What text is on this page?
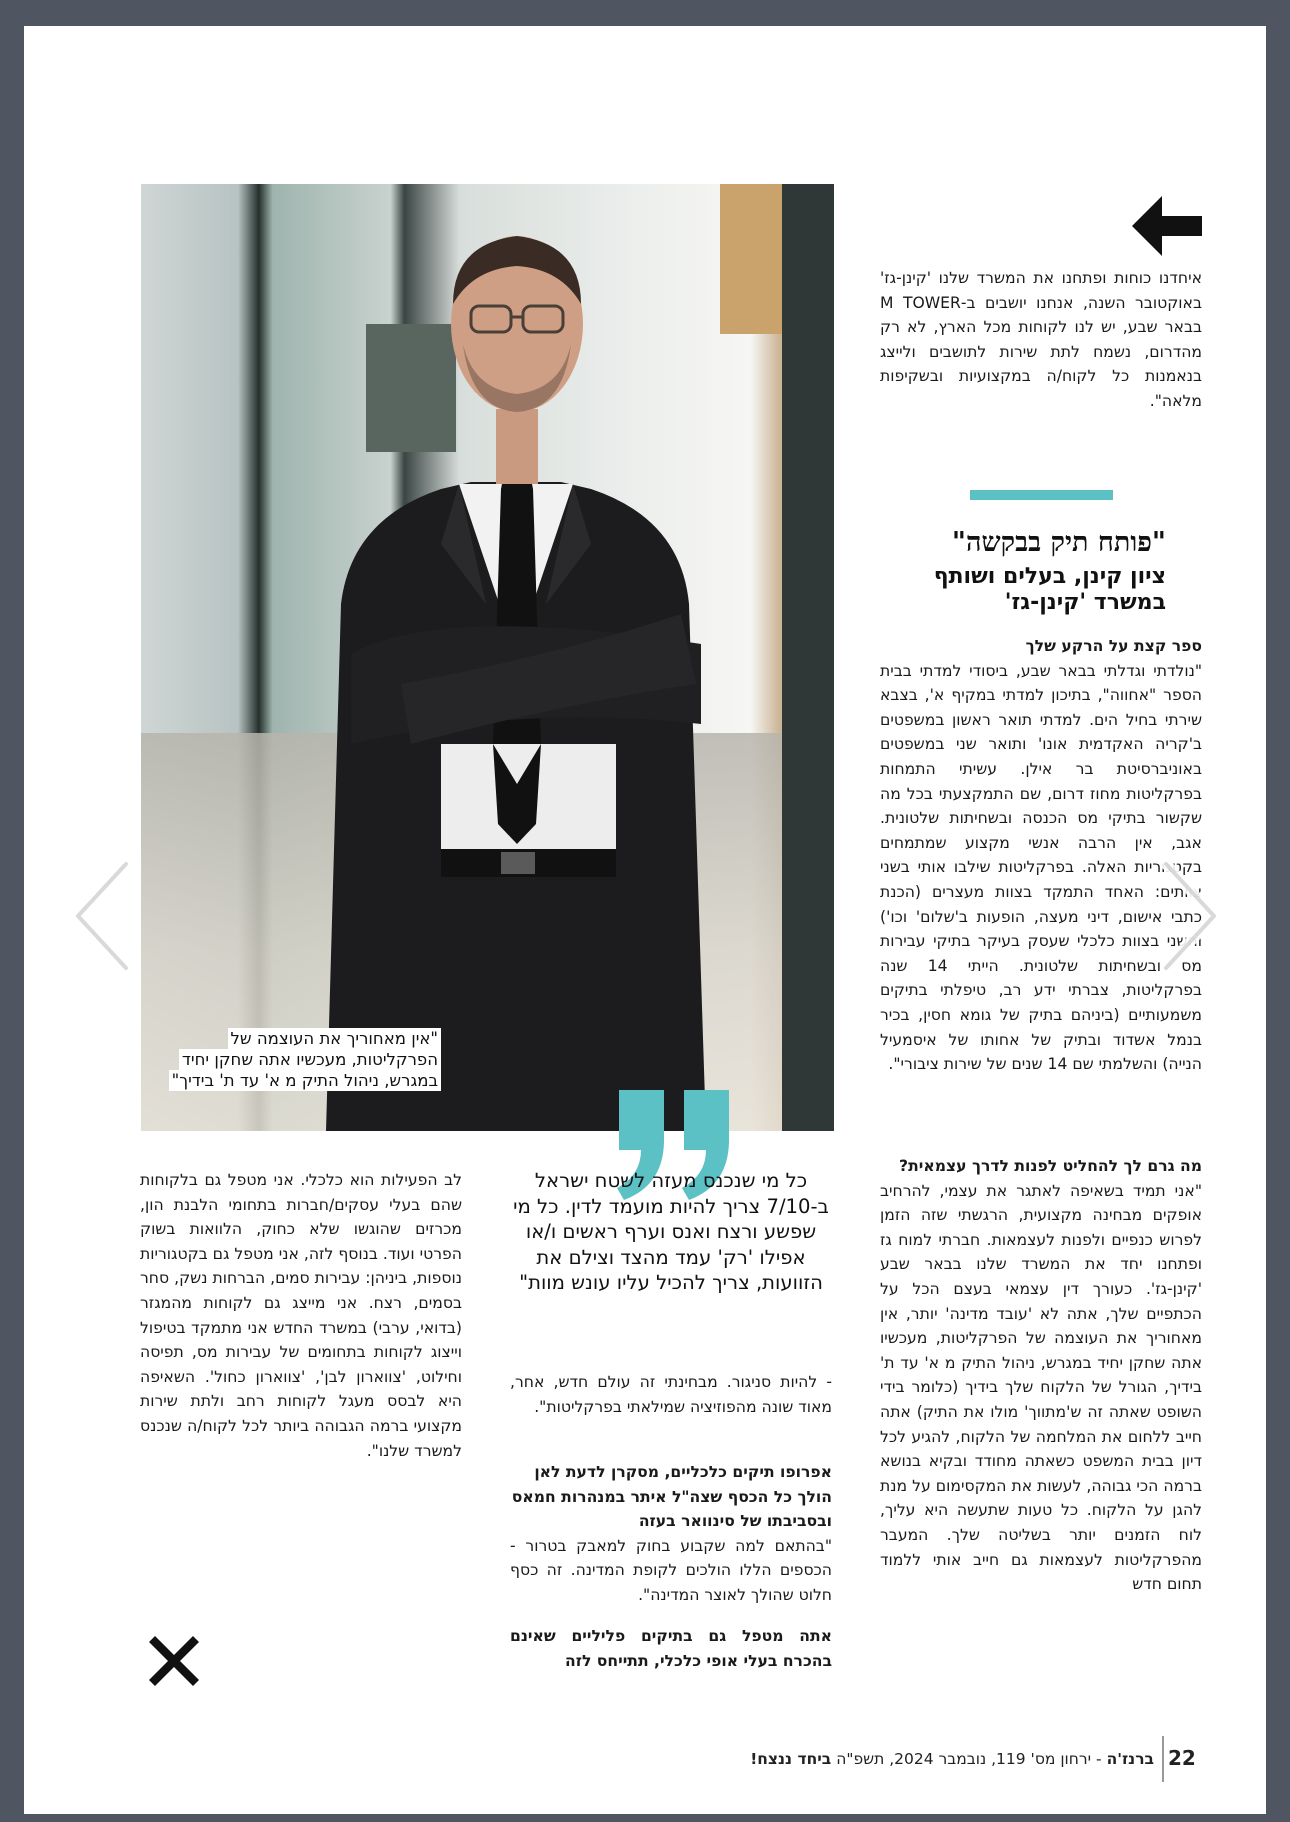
"אין מאחוריך את העוצמה של הפרקליטות, מעכשיו אתה שחקן יחיד במגרש, ניהול התיק מ א' עד ת' בידיך"
איחדנו כוחות ופתחנו את המשרד שלנו 'קינן-גז' באוקטובר השנה, אנחנו יושבים ב-M TOWER בבאר שבע, יש לנו לקוחות מכל הארץ, לא רק מהדרום, נשמח לתת שירות לתושבים ולייצג בנאמנות כל לקוח/ה במקצועיות ובשקיפות מלאה".
"פותח תיק בבקשה"
ציון קינן, בעלים ושותף במשרד 'קינן-גז'
ספר קצת על הרקע שלך
"נולדתי וגדלתי בבאר שבע, ביסודי למדתי בבית הספר "אחווה", בתיכון למדתי במקיף א', בצבא שירתי בחיל הים. למדתי תואר ראשון במשפטים ב'קריה האקדמית אונו' ותואר שני במשפטים באוניברסיטת בר אילן. עשיתי התמחות בפרקליטות מחוז דרום, שם התמקצעתי בכל מה שקשור בתיקי מס הכנסה ובשחיתות שלטונית. אגב, אין הרבה אנשי מקצוע שמתמחים בקטגוריות האלה. בפרקליטות שילבו אותי בשני צוותים: האחד התמקד בצוות מעצרים (הכנת כתבי אישום, דיני מעצה, הופעות ב'שלום' וכו') והשני בצוות כלכלי שעסק בעיקר בתיקי עבירות מס ובשחיתות שלטונית. הייתי 14 שנה בפרקליטות, צברתי ידע רב, טיפלתי בתיקים משמעותיים (ביניהם בתיק של גומא חסין, בכיר בנמל אשדוד ובתיק של אחותו של איסמעיל הנייה) והשלמתי שם 14 שנים של שירות ציבורי".
מה גרם לך להחליט לפנות לדרך עצמאית?
"אני תמיד בשאיפה לאתגר את עצמי, להרחיב אופקים מבחינה מקצועית, הרגשתי שזה הזמן לפרוש כנפיים ולפנות לעצמאות. חברתי למוח גז ופתחנו יחד את המשרד שלנו בבאר שבע 'קינן-גז'. כעורך דין עצמאי בעצם הכל על הכתפיים שלך, אתה לא 'עובד מדינה' יותר, אין מאחוריך את העוצמה של הפרקליטות, מעכשיו אתה שחקן יחיד במגרש, ניהול התיק מ א' עד ת' בידיך, הגורל של הלקוח שלך בידיך (כלומר בידי השופט שאתה זה ש'מתווך' מולו את התיק) אתה חייב ללחום את המלחמה של הלקוח, להגיע לכל דיון בבית המשפט כשאתה מחודד ובקיא בנושא ברמה הכי גבוהה, לעשות את המקסימום על מנת להגן על הלקוח. כל טעות שתעשה היא עליך, לוח הזמנים יותר בשליטה שלך. המעבר מהפרקליטות לעצמאות גם חייב אותי ללמוד תחום חדש
כל מי שנכנס מעזה לשטח ישראל ב-7/10 צריך להיות מועמד לדין. כל מי שפשע ורצח ואנס וערף ראשים ו/או אפילו 'רק' עמד מהצד וצילם את הזוועות, צריך להכיל עליו עונש מוות"
- להיות סניגור. מבחינתי זה עולם חדש, אחר, מאוד שונה מהפוזיציה שמילאתי בפרקליטות".
אפרופו תיקים כלכליים, מסקרן לדעת לאן הולך כל הכסף שצה"ל איתר במנהרות חמאס ובסביבתו של סינוואר בעזה
"בהתאם למה שקבוע בחוק למאבק בטרור - הכספים הללו הולכים לקופת המדינה. זה כסף חלוט שהולך לאוצר המדינה".
אתה מטפל גם בתיקים פליליים שאינם בהכרח בעלי אופי כלכלי, תתייחס לזה
לב הפעילות הוא כלכלי. אני מטפל גם בלקוחות שהם בעלי עסקים/חברות בתחומי הלבנת הון, מכרזים שהוגשו שלא כחוק, הלוואות בשוק הפרטי ועוד. בנוסף לזה, אני מטפל גם בקטגוריות נוספות, ביניהן: עבירות סמים, הברחות נשק, סחר בסמים, רצח. אני מייצג גם לקוחות מהמגזר (בדואי, ערבי) במשרד החדש אני מתמקד בטיפול וייצוג לקוחות בתחומים של עבירות מס, תפיסה וחילוט, 'צווארון לבן', 'צווארון כחול'. השאיפה היא לבסס מעגל לקוחות רחב ולתת שירות מקצועי ברמה הגבוהה ביותר לכל לקוח/ה שנכנס למשרד שלנו".
22
ברנז'ה - ירחון מס' 119, נובמבר 2024, תשפ"ה ביחד ננצח!
